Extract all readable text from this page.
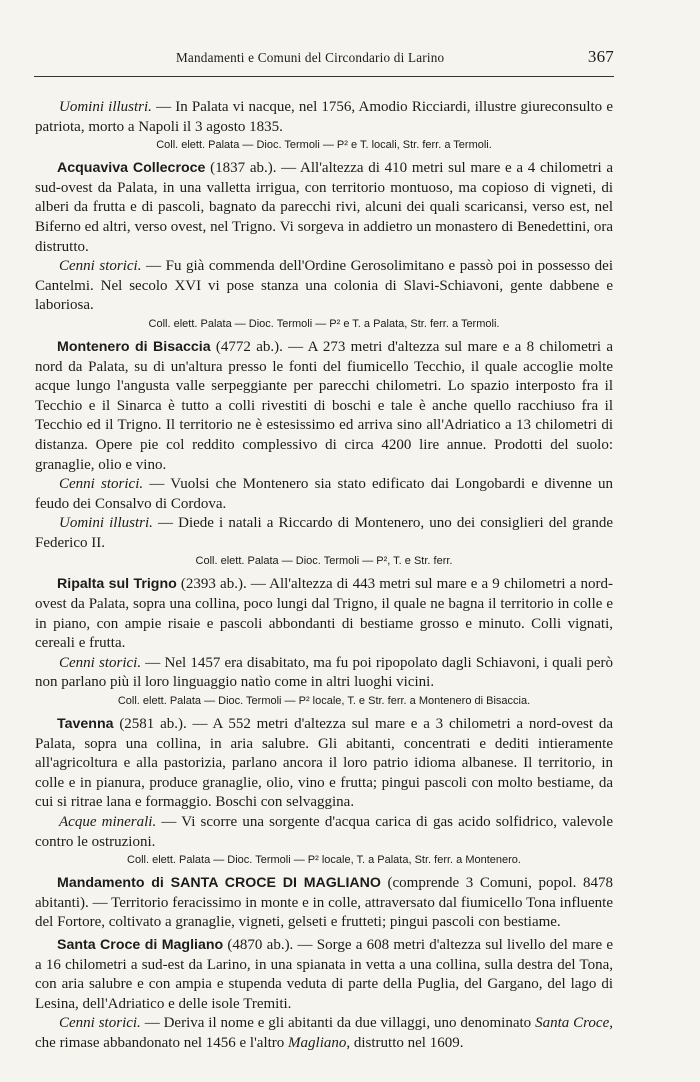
Mandamenti e Comuni del Circondario di Larino	367

Uomini illustri. — In Palata vi nacque, nel 1756, Amodio Ricciardi, illustre giureconsulto e patriota, morto a Napoli il 3 agosto 1835.

Coll. elett. Palata — Dioc. Termoli — P² e T. locali, Str. ferr. a Termoli.

Acquaviva Collecroce (1837 ab.). — All'altezza di 410 metri sul mare e a 4 chilometri a sud-ovest da Palata, in una valletta irrigua, con territorio montuoso, ma copioso di vigneti, di alberi da frutta e di pascoli, bagnato da parecchi rivi, alcuni dei quali scaricansi, verso est, nel Biferno ed altri, verso ovest, nel Trigno. Vi sorgeva in addietro un monastero di Benedettini, ora distrutto.

Cenni storici. — Fu già commenda dell'Ordine Gerosolimitano e passò poi in possesso dei Cantelmi. Nel secolo XVI vi pose stanza una colonia di Slavi-Schiavoni, gente dabbene e laboriosa.

Coll. elett. Palata — Dioc. Termoli — P² e T. a Palata, Str. ferr. a Termoli.

Montenero di Bisaccia (4772 ab.). — A 273 metri d'altezza sul mare e a 8 chilometri a nord da Palata, su di un'altura presso le fonti del fiumicello Tecchio, il quale accoglie molte acque lungo l'angusta valle serpeggiante per parecchi chilometri. Lo spazio interposto fra il Tecchio e il Sinarca è tutto a colli rivestiti di boschi e tale è anche quello racchiuso fra il Tecchio ed il Trigno. Il territorio ne è estesissimo ed arriva sino all'Adriatico a 13 chilometri di distanza. Opere pie col reddito complessivo di circa 4200 lire annue. Prodotti del suolo: granaglie, olio e vino.

Cenni storici. — Vuolsi che Montenero sia stato edificato dai Longobardi e divenne un feudo dei Consalvo di Cordova.

Uomini illustri. — Diede i natali a Riccardo di Montenero, uno dei consiglieri del grande Federico II.

Coll. elett. Palata — Dioc. Termoli — P², T. e Str. ferr.

Ripalta sul Trigno (2393 ab.). — All'altezza di 443 metri sul mare e a 9 chilometri a nord-ovest da Palata, sopra una collina, poco lungi dal Trigno, il quale ne bagna il territorio in colle e in piano, con ampie risaie e pascoli abbondanti di bestiame grosso e minuto. Colli vignati, cereali e frutta.

Cenni storici. — Nel 1457 era disabitato, ma fu poi ripopolato dagli Schiavoni, i quali però non parlano più il loro linguaggio natìo come in altri luoghi vicini.

Coll. elett. Palata — Dioc. Termoli — P² locale, T. e Str. ferr. a Montenero di Bisaccia.

Tavenna (2581 ab.). — A 552 metri d'altezza sul mare e a 3 chilometri a nord-ovest da Palata, sopra una collina, in aria salubre. Gli abitanti, concentrati e dediti intieramente all'agricoltura e alla pastorizia, parlano ancora il loro patrio idioma albanese. Il territorio, in colle e in pianura, produce granaglie, olio, vino e frutta; pingui pascoli con molto bestiame, da cui si ritrae lana e formaggio. Boschi con selvaggina.

Acque minerali. — Vi scorre una sorgente d'acqua carica di gas acido solfidrico, valevole contro le ostruzioni.

Coll. elett. Palata — Dioc. Termoli — P² locale, T. a Palata, Str. ferr. a Montenero.

Mandamento di SANTA CROCE DI MAGLIANO (comprende 3 Comuni, popol. 8478 abitanti). — Territorio feracissimo in monte e in colle, attraversato dal fiumicello Tona influente del Fortore, coltivato a granaglie, vigneti, gelseti e frutteti; pingui pascoli con bestiame.

Santa Croce di Magliano (4870 ab.). — Sorge a 608 metri d'altezza sul livello del mare e a 16 chilometri a sud-est da Larino, in una spianata in vetta a una collina, sulla destra del Tona, con aria salubre e con ampia e stupenda veduta di parte della Puglia, del Gargano, del lago di Lesina, dell'Adriatico e delle isole Tremiti.

Cenni storici. — Deriva il nome e gli abitanti da due villaggi, uno denominato Santa Croce, che rimase abbandonato nel 1456 e l'altro Magliano, distrutto nel 1609.
